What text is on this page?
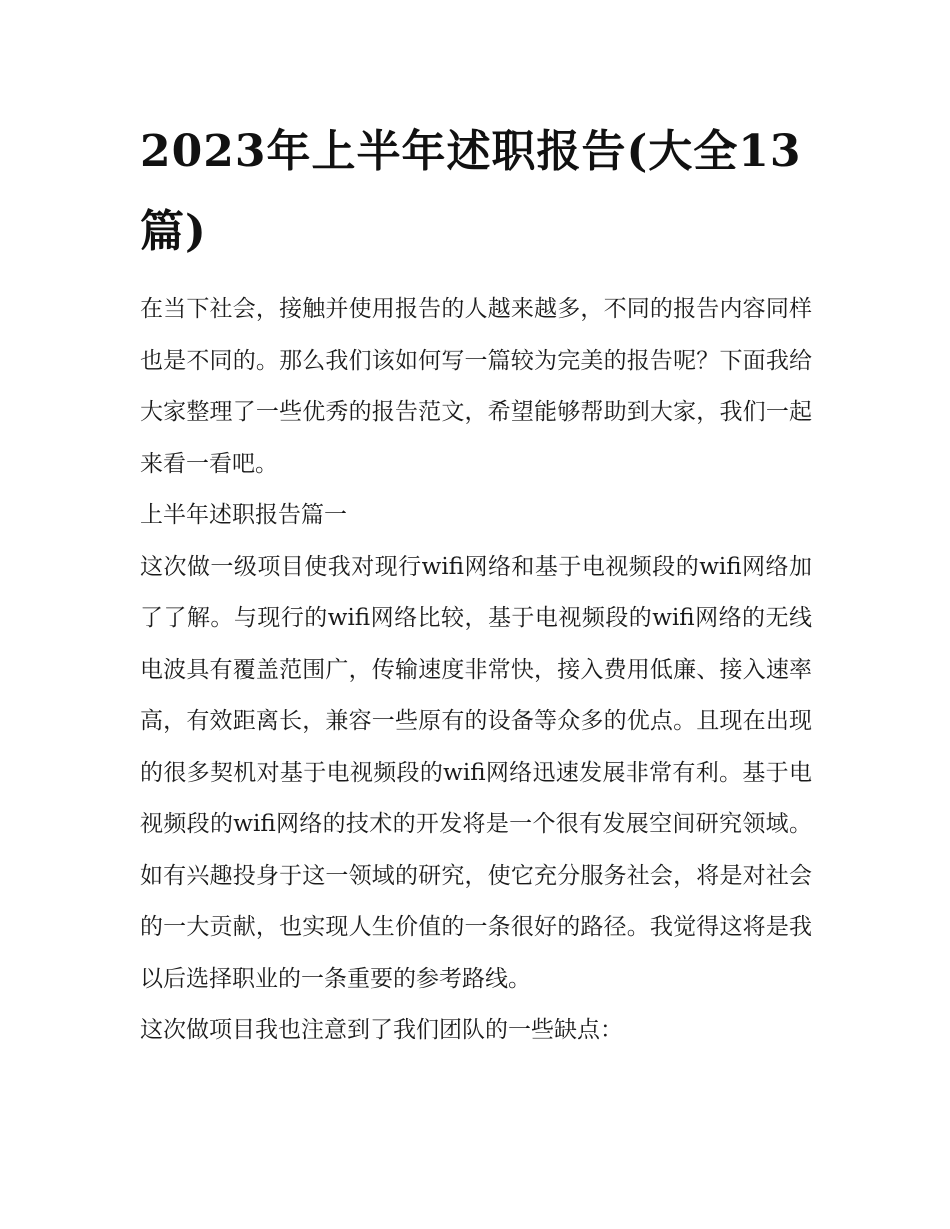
2023年上半年述职报告(大全13篇)

在当下社会，接触并使用报告的人越来越多，不同的报告内容同样也是不同的。那么我们该如何写一篇较为完美的报告呢？下面我给大家整理了一些优秀的报告范文，希望能够帮助到大家，我们一起来看一看吧。

上半年述职报告篇一

这次做一级项目使我对现行wifi网络和基于电视频段的wifi网络加了了解。与现行的wifi网络比较，基于电视频段的wifi网络的无线电波具有覆盖范围广，传输速度非常快，接入费用低廉、接入速率高，有效距离长，兼容一些原有的设备等众多的优点。且现在出现的很多契机对基于电视频段的wifi网络迅速发展非常有利。基于电视频段的wifi网络的技术的开发将是一个很有发展空间研究领域。如有兴趣投身于这一领域的研究，使它充分服务社会，将是对社会的一大贡献，也实现人生价值的一条很好的路径。我觉得这将是我以后选择职业的一条重要的参考路线。

这次做项目我也注意到了我们团队的一些缺点：
